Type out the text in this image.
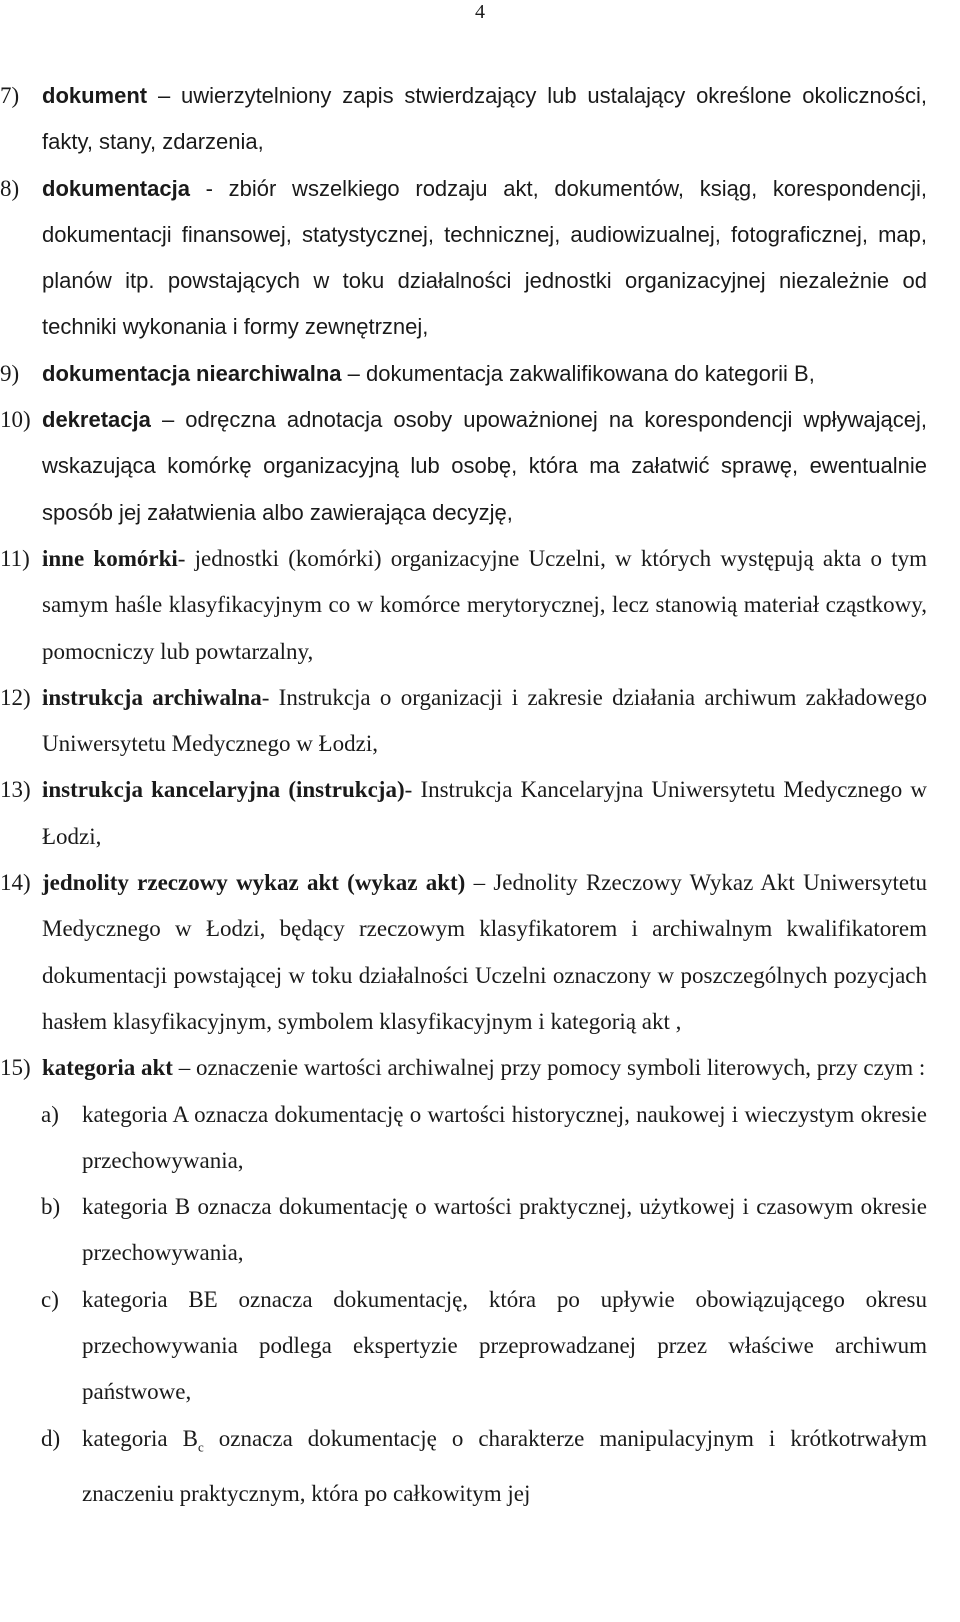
4
7) dokument – uwierzytelniony zapis stwierdzający lub ustalający określone okoliczności, fakty, stany, zdarzenia,
8) dokumentacja - zbiór wszelkiego rodzaju akt, dokumentów, ksiąg, korespondencji, dokumentacji finansowej, statystycznej, technicznej, audiowizualnej, fotograficznej, map, planów itp. powstających w toku działalności jednostki organizacyjnej niezależnie od techniki wykonania i formy zewnętrznej,
9) dokumentacja niearchiwalna – dokumentacja zakwalifikowana do kategorii B,
10) dekretacja – odręczna adnotacja osoby upoważnionej na korespondencji wpływającej, wskazująca komórkę organizacyjną lub osobę, która ma załatwić sprawę, ewentualnie sposób jej załatwienia albo zawierająca decyzję,
11) inne komórki- jednostki (komórki) organizacyjne Uczelni, w których występują akta o tym samym haśle klasyfikacyjnym co w komórce merytorycznej, lecz stanowią materiał cząstkowy, pomocniczy lub powtarzalny,
12) instrukcja archiwalna- Instrukcja o organizacji i zakresie działania archiwum zakładowego Uniwersytetu Medycznego w Łodzi,
13) instrukcja kancelaryjna (instrukcja)- Instrukcja Kancelaryjna Uniwersytetu Medycznego w Łodzi,
14) jednolity rzeczowy wykaz akt (wykaz akt) – Jednolity Rzeczowy Wykaz Akt Uniwersytetu Medycznego w Łodzi, będący rzeczowym klasyfikatorem i archiwalnym kwalifikatorem dokumentacji powstającej w toku działalności Uczelni oznaczony w poszczególnych pozycjach hasłem klasyfikacyjnym, symbolem klasyfikacyjnym i kategorią akt ,
15) kategoria akt – oznaczenie wartości archiwalnej przy pomocy symboli literowych, przy czym :
a) kategoria A oznacza dokumentację o wartości historycznej, naukowej i wieczystym okresie przechowywania,
b) kategoria B oznacza dokumentację o wartości praktycznej, użytkowej i czasowym okresie przechowywania,
c) kategoria BE oznacza dokumentację, która po upływie obowiązującego okresu przechowywania podlega ekspertyzie przeprowadzanej przez właściwe archiwum państwowe,
d) kategoria $B_c$ oznacza dokumentację o charakterze manipulacyjnym i krótkotrwałym znaczeniu praktycznym, która po całkowitym jej
